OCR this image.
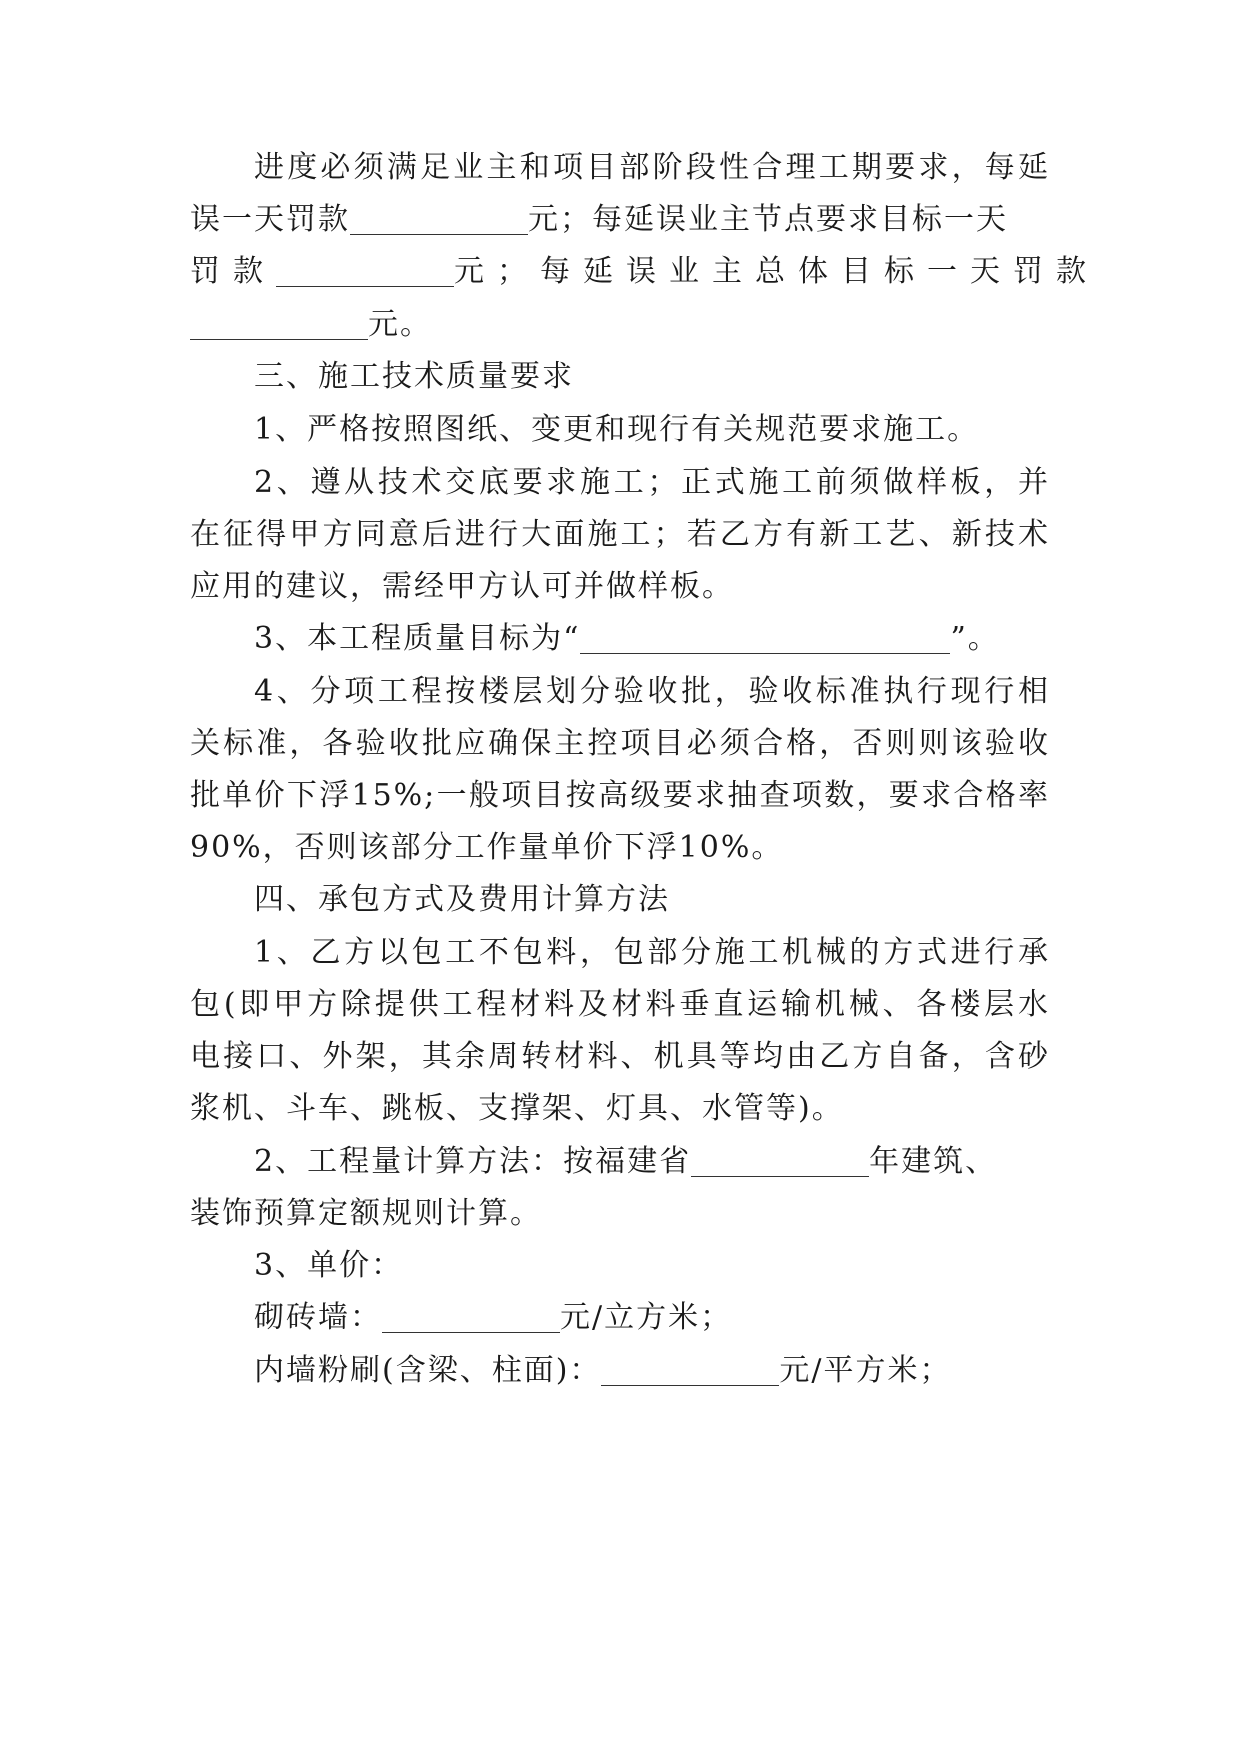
进度必须满足业主和项目部阶段性合理工期要求，每延
误一天罚款	元；每延误业主节点要求目标一天
罚款	元；每延误业主总体目标一天罚款
元。
三、施工技术质量要求
1、严格按照图纸、变更和现行有关规范要求施工。
2、遵从技术交底要求施工；正式施工前须做样板，并
在征得甲方同意后进行大面施工；若乙方有新工艺、新技术
应用的建议，需经甲方认可并做样板。
3、本工程质量目标为“	”。
4、分项工程按楼层划分验收批，验收标准执行现行相
关标准，各验收批应确保主控项目必须合格，否则则该验收
批单价下浮15%;一般项目按高级要求抽查项数，要求合格率
90%，否则该部分工作量单价下浮10%。
四、承包方式及费用计算方法
1、乙方以包工不包料，包部分施工机械的方式进行承
包(即甲方除提供工程材料及材料垂直运输机械、各楼层水
电接口、外架，其余周转材料、机具等均由乙方自备，含砂
浆机、斗车、跳板、支撑架、灯具、水管等)。
2、工程量计算方法：按福建省	年建筑、
装饰预算定额规则计算。
3、单价：
砌砖墙：	元/立方米；
内墙粉刷(含梁、柱面)：	元/平方米；
